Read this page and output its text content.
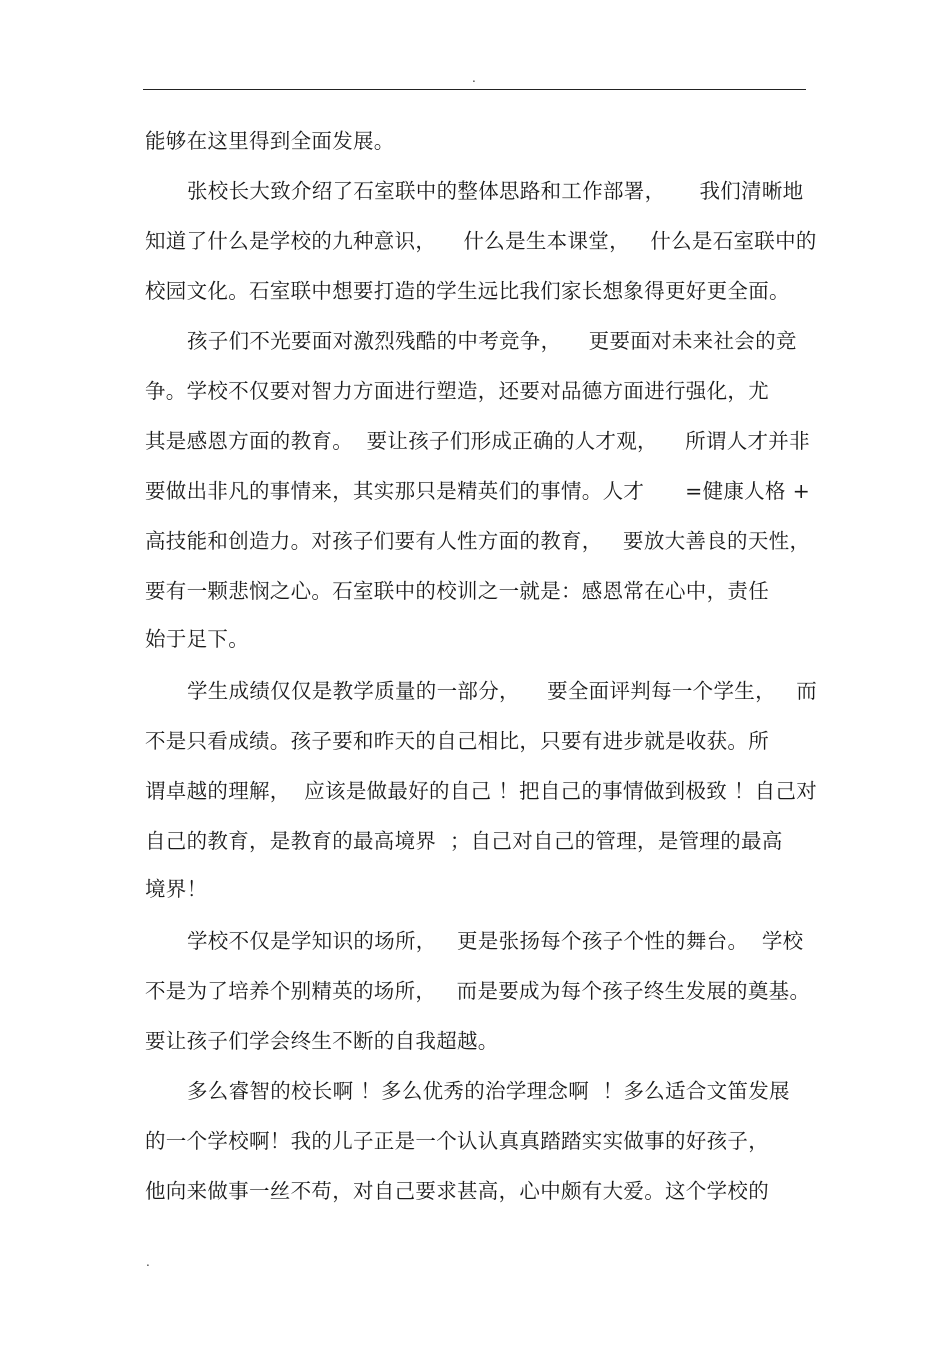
.
能够在这里得到全面发展。
张校长大致介绍了石室联中的整体思路和工作部署，     我们清晰地
知道了什么是学校的九种意识，    什么是生本课堂，   什么是石室联中的
校园文化。石室联中想要打造的学生远比我们家长想象得更好更全面。
孩子们不光要面对激烈残酷的中考竞争，    更要面对未来社会的竞
争。学校不仅要对智力方面进行塑造，还要对品德方面进行强化，尤
其是感恩方面的教育。  要让孩子们形成正确的人才观，    所谓人才并非
要做出非凡的事情来，其实那只是精英们的事情。人才      =健康人格 +
高技能和创造力。对孩子们要有人性方面的教育，   要放大善良的天性，
要有一颗悲悯之心。石室联中的校训之一就是：感恩常在心中，责任
始于足下。
学生成绩仅仅是教学质量的一部分，    要全面评判每一个学生，   而
不是只看成绩。孩子要和昨天的自己相比，只要有进步就是收获。所
谓卓越的理解，  应该是做最好的自己 ！把自己的事情做到极致 ！自己对
自己的教育，是教育的最高境界  ；自己对自己的管理，是管理的最高
境界！
学校不仅是学知识的场所，   更是张扬每个孩子个性的舞台。  学校
不是为了培养个别精英的场所，   而是要成为每个孩子终生发展的奠基。
要让孩子们学会终生不断的自我超越。
多么睿智的校长啊 ！多么优秀的治学理念啊  ！多么适合文笛发展
的一个学校啊！我的儿子正是一个认认真真踏踏实实做事的好孩子，
他向来做事一丝不苟，对自己要求甚高，心中颇有大爱。这个学校的
.
